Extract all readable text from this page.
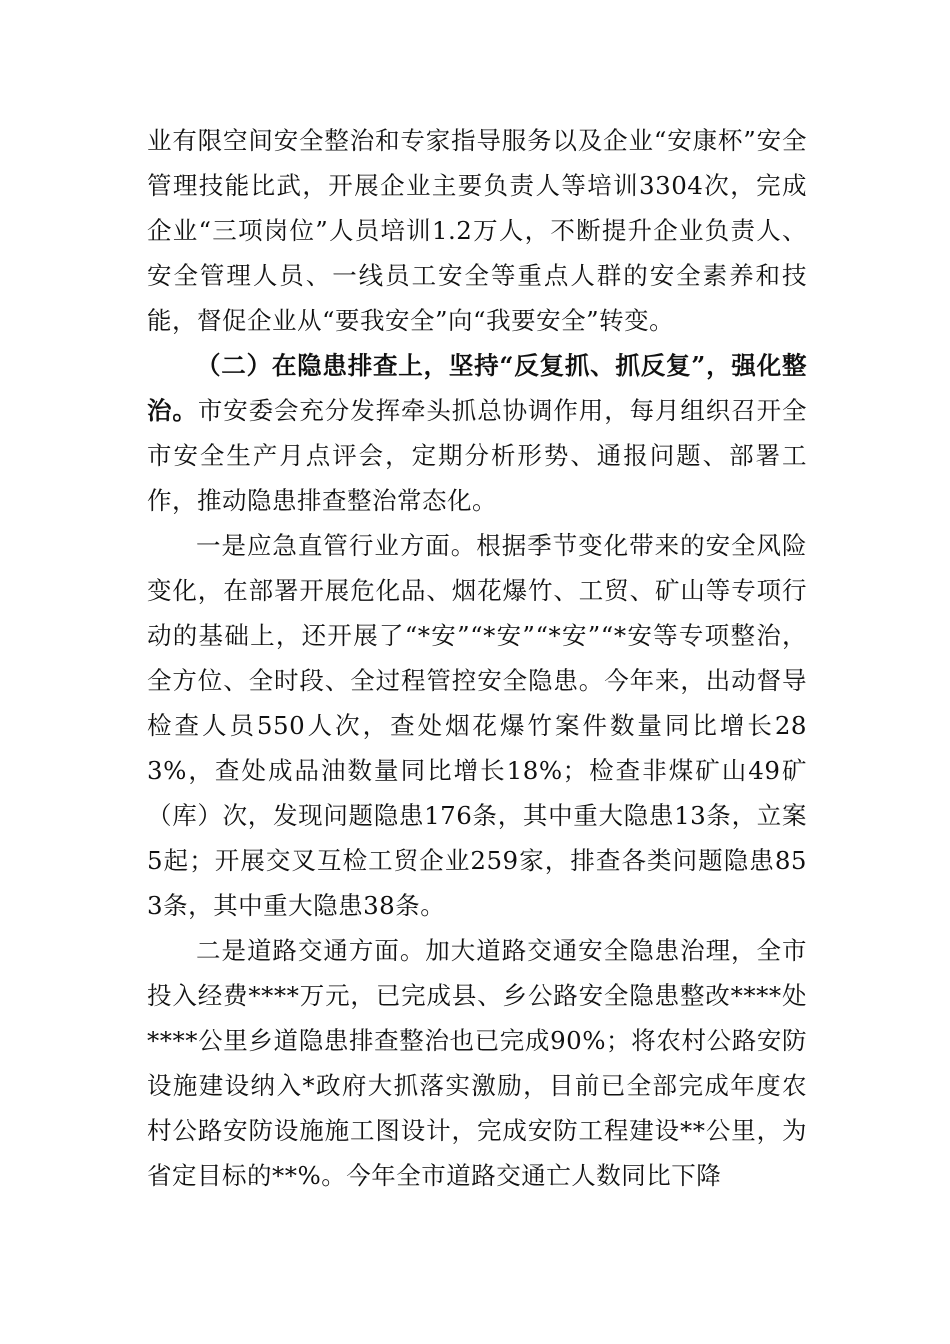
业有限空间安全整治和专家指导服务以及企业“安康杯”安全管理技能比武，开展企业主要负责人等培训3304次，完成企业“三项岗位”人员培训1.2万人，不断提升企业负责人、安全管理人员、一线员工安全等重点人群的安全素养和技能，督促企业从“要我安全”向“我要安全”转变。

（二）在隐患排查上，坚持“反复抓、抓反复”，强化整治。市安委会充分发挥牵头抓总协调作用，每月组织召开全市安全生产月点评会，定期分析形势、通报问题、部署工作，推动隐患排查整治常态化。

一是应急直管行业方面。根据季节变化带来的安全风险变化，在部署开展危化品、烟花爆竹、工贸、矿山等专项行动的基础上，还开展了“*安”“*安”“*安”“*安等专项整治，全方位、全时段、全过程管控安全隐患。今年来，出动督导检查人员550人次，查处烟花爆竹案件数量同比增长283%，查处成品油数量同比增长18%；检查非煤矿山49矿（库）次，发现问题隐患176条，其中重大隐患13条，立案5起；开展交叉互检工贸企业259家，排查各类问题隐患853条，其中重大隐患38条。

二是道路交通方面。加大道路交通安全隐患治理，全市投入经费****万元，已完成县、乡公路安全隐患整改****处****公里乡道隐患排查整治也已完成90%；将农村公路安防设施建设纳入*政府大抓落实激励，目前已全部完成年度农村公路安防设施施工图设计，完成安防工程建设**公里，为省定目标的**%。今年全市道路交通亡人数同比下降
